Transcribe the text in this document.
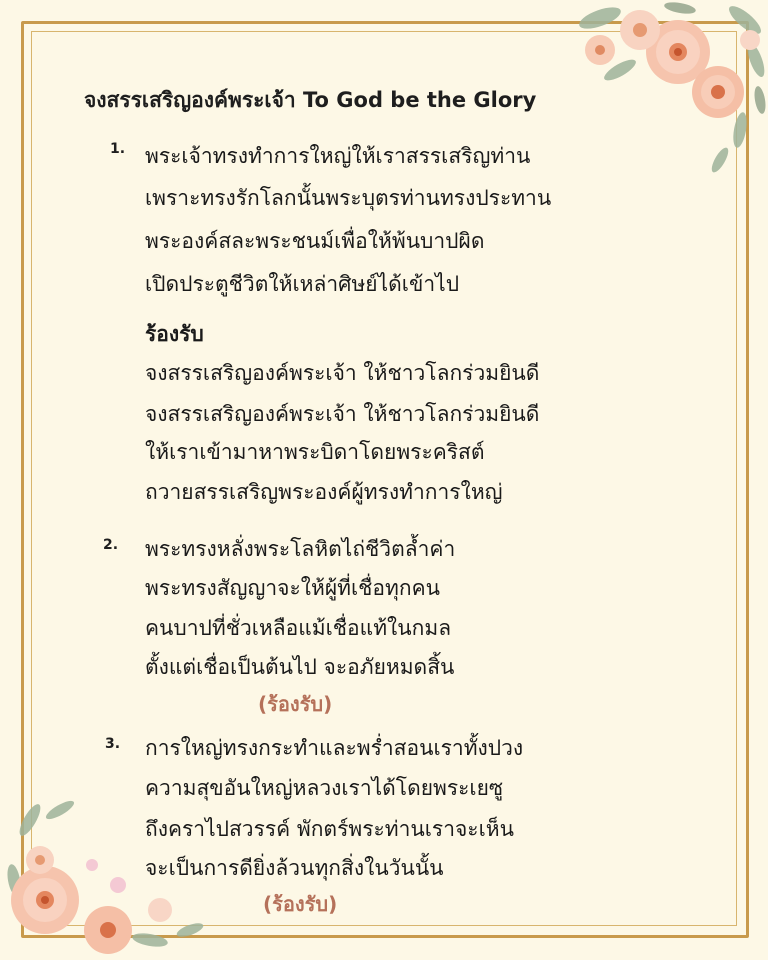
จงสรรเสริญองค์พระเจ้า To God be the Glory
1. พระเจ้าทรงทำการใหญ่ให้เราสรรเสริญท่าน
เพราะทรงรักโลกนั้นพระบุตรท่านทรงประทาน
พระองค์สละพระชนม์เพื่อให้พ้นบาปผิด
เปิดประตูชีวิตให้เหล่าศิษย์ได้เข้าไป
ร้องรับ
จงสรรเสริญองค์พระเจ้า ให้ชาวโลกร่วมยินดี
จงสรรเสริญองค์พระเจ้า ให้ชาวโลกร่วมยินดี
ให้เราเข้ามาหาพระบิดาโดยพระคริสต์
ถวายสรรเสริญพระองค์ผู้ทรงทำการใหญ่
2. พระทรงหลั่งพระโลหิตไถ่ชีวิตล้ำค่า
พระทรงสัญญาจะให้ผู้ที่เชื่อทุกคน
คนบาปที่ชั่วเหลือแม้เชื่อแท้ในกมล
ตั้งแต่เชื่อเป็นต้นไป จะอภัยหมดสิ้น
(ร้องรับ)
3. การใหญ่ทรงกระทำและพร่ำสอนเราทั้งปวง
ความสุขอันใหญ่หลวงเราได้โดยพระเยซู
ถึงคราไปสวรรค์ พักตร์พระท่านเราจะเห็น
จะเป็นการดียิ่งล้วนทุกสิ่งในวันนั้น
(ร้องรับ)
